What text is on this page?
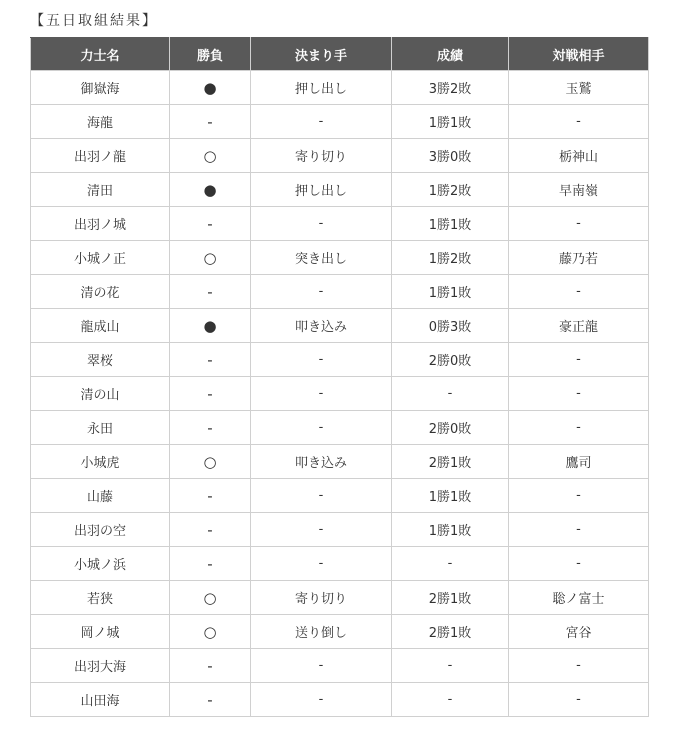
【五日取組結果】
力士名	勝負	決まり手	成績	対戦相手
御嶽海	●	押し出し	3勝2敗	玉鷲
海龍	-	-	1勝1敗	-
出羽ノ龍	○	寄り切り	3勝0敗	栃神山
清田	●	押し出し	1勝2敗	早南嶺
出羽ノ城	-	-	1勝1敗	-
小城ノ正	○	突き出し	1勝2敗	藤乃若
清の花	-	-	1勝1敗	-
龍成山	●	叩き込み	0勝3敗	豪正龍
翠桜	-	-	2勝0敗	-
清の山	-	-	-	-
永田	-	-	2勝0敗	-
小城虎	○	叩き込み	2勝1敗	鷹司
山藤	-	-	1勝1敗	-
出羽の空	-	-	1勝1敗	-
小城ノ浜	-	-	-	-
若狭	○	寄り切り	2勝1敗	聡ノ富士
岡ノ城	○	送り倒し	2勝1敗	宮谷
出羽大海	-	-	-	-
山田海	-	-	-	-
